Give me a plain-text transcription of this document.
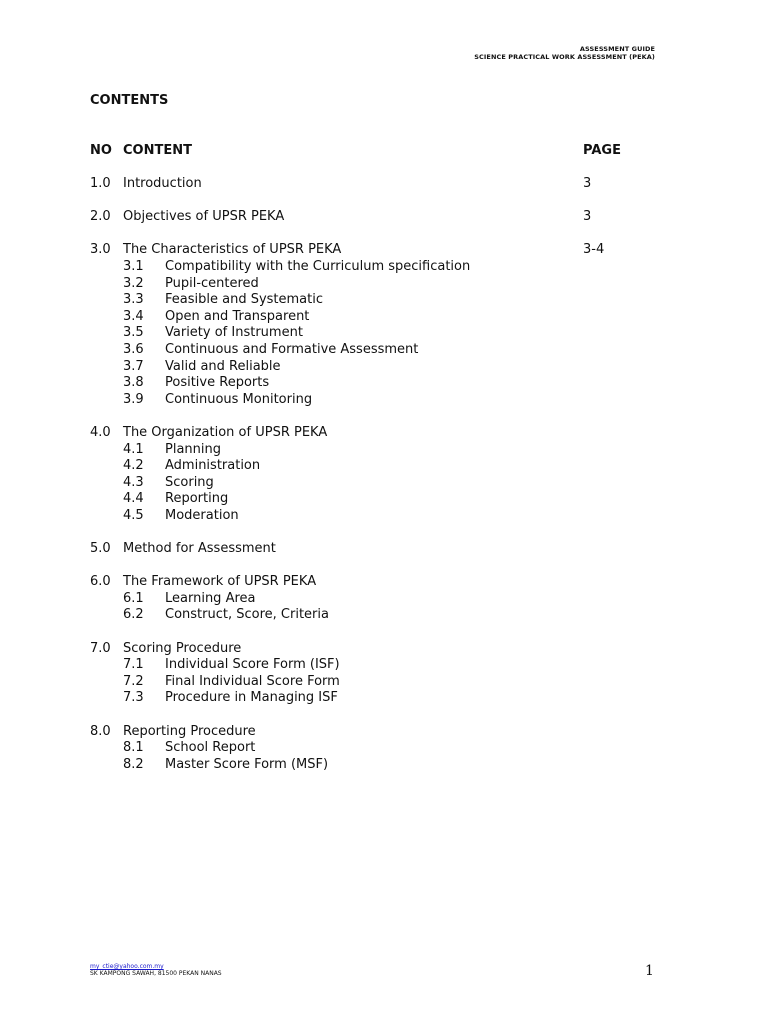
ASSESSMENT GUIDE
SCIENCE PRACTICAL WORK ASSESSMENT (PEKA)
CONTENTS
NO CONTENT	PAGE
1.0 Introduction	3
2.0 Objectives of UPSR PEKA	3
3.0 The Characteristics of UPSR PEKA	3-4
3.1 Compatibility with the Curriculum specification
3.2 Pupil-centered
3.3 Feasible and Systematic
3.4 Open and Transparent
3.5 Variety of Instrument
3.6 Continuous and Formative Assessment
3.7 Valid and Reliable
3.8 Positive Reports
3.9 Continuous Monitoring
4.0 The Organization of UPSR PEKA
4.1 Planning
4.2 Administration
4.3 Scoring
4.4 Reporting
4.5 Moderation
5.0 Method for Assessment
6.0 The Framework of UPSR PEKA
6.1 Learning Area
6.2 Construct, Score, Criteria
7.0 Scoring Procedure
7.1 Individual Score Form (ISF)
7.2 Final Individual Score Form
7.3 Procedure in Managing ISF
8.0 Reporting Procedure
8.1 School Report
8.2 Master Score Form (MSF)
my_ctie@yahoo.com.my
SK KAMPONG SAWAH, 81500 PEKAN NANAS	1
